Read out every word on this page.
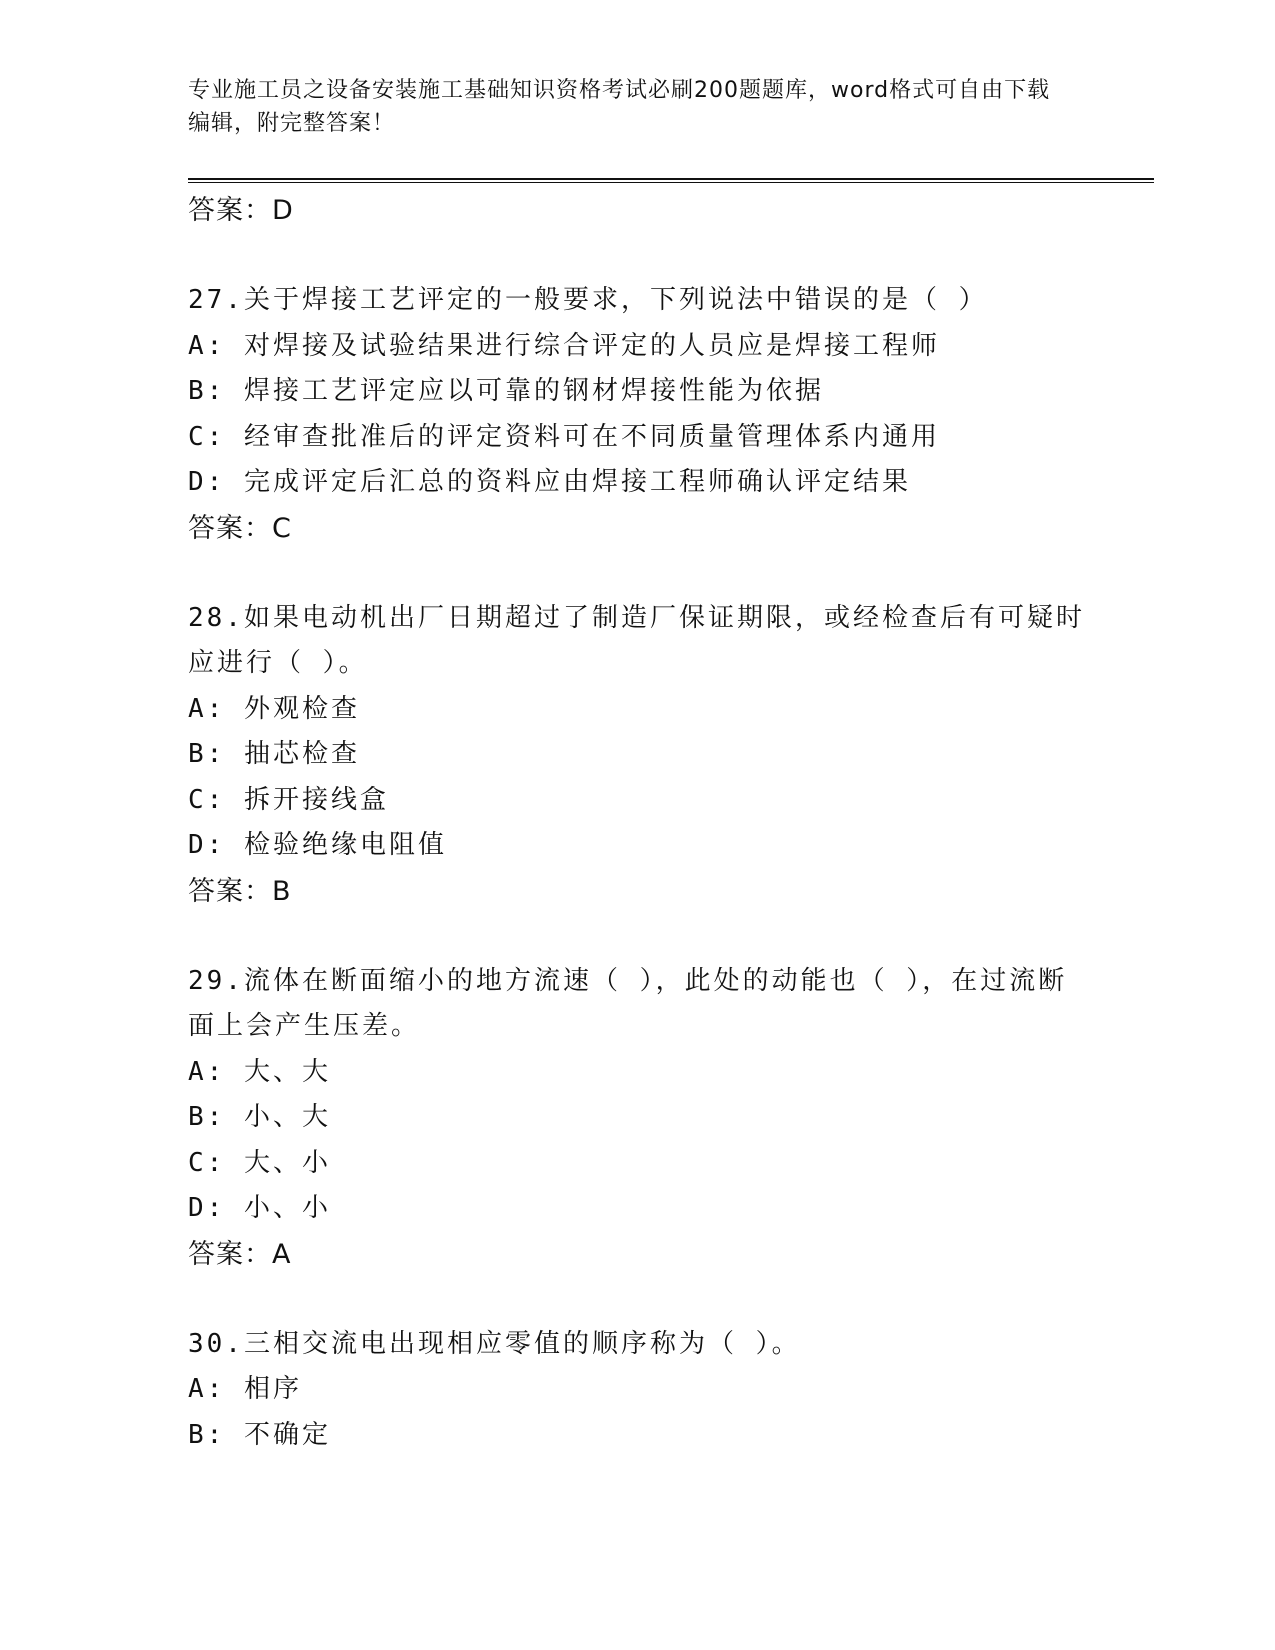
专业施工员之设备安装施工基础知识资格考试必刷200题题库，word格式可自由下载编辑，附完整答案！
答案：D

27.关于焊接工艺评定的一般要求，下列说法中错误的是（ ）

A: 对焊接及试验结果进行综合评定的人员应是焊接工程师
B: 焊接工艺评定应以可靠的钢材焊接性能为依据
C: 经审查批准后的评定资料可在不同质量管理体系内通用
D: 完成评定后汇总的资料应由焊接工程师确认评定结果
答案：C

28.如果电动机出厂日期超过了制造厂保证期限，或经检查后有可疑时应进行（ ）。

A: 外观检查
B: 抽芯检查
C: 拆开接线盒
D: 检验绝缘电阻值
答案：B

29.流体在断面缩小的地方流速（ ），此处的动能也（ ），在过流断面上会产生压差。

A: 大、大
B: 小、大
C: 大、小
D: 小、小
答案：A

30.三相交流电出现相应零值的顺序称为（ ）。

A: 相序
B: 不确定
